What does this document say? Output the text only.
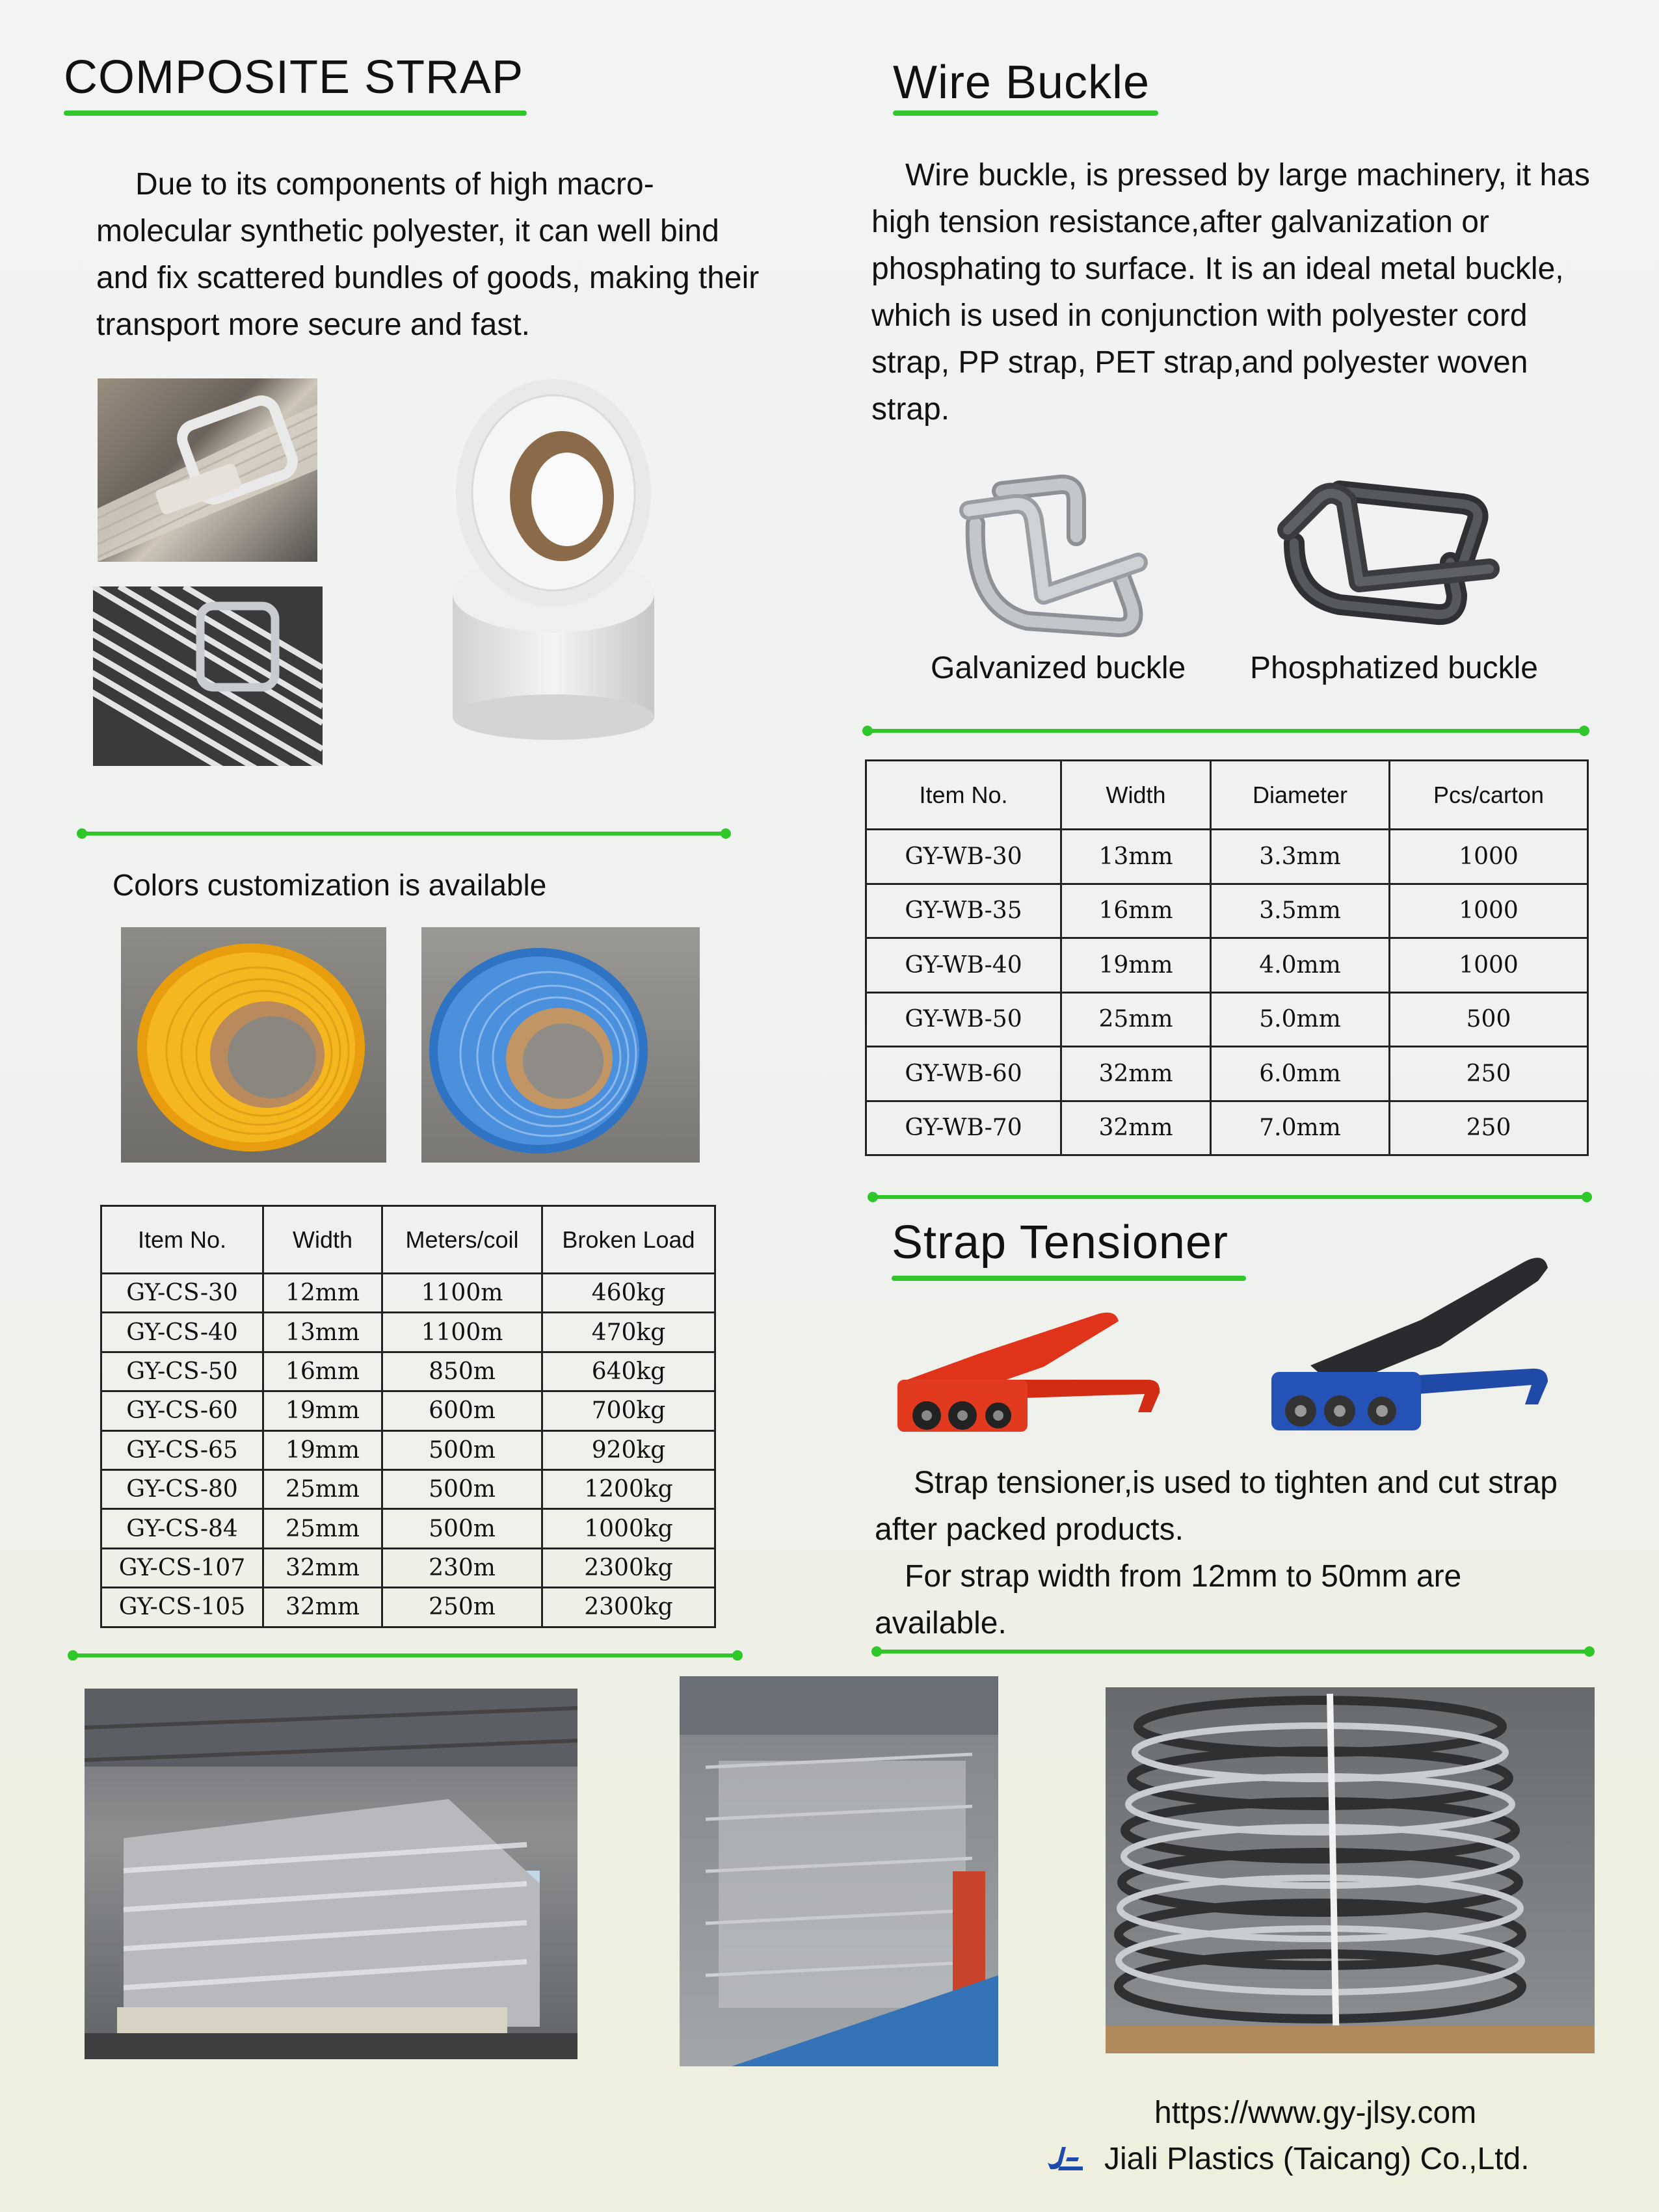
COMPOSITE STRAP
Due to its components of high macro-molecular synthetic polyester, it can well bind and fix scattered bundles of goods, making their transport more secure and fast.
Colors customization is available
Item No.	Width	Meters/coil	Broken Load
GY-CS-30	12mm	1100m	460kg
GY-CS-40	13mm	1100m	470kg
GY-CS-50	16mm	850m	640kg
GY-CS-60	19mm	600m	700kg
GY-CS-65	19mm	500m	920kg
GY-CS-80	25mm	500m	1200kg
GY-CS-84	25mm	500m	1000kg
GY-CS-107	32mm	230m	2300kg
GY-CS-105	32mm	250m	2300kg
Wire Buckle
Wire buckle, is pressed by large machinery, it has high tension resistance,after galvanization or phosphating to surface. It is an ideal metal buckle, which is used in conjunction with polyester cord strap, PP strap, PET strap,and polyester woven strap.
Galvanized buckle Phosphatized buckle
Item No.	Width	Diameter	Pcs/carton
GY-WB-30	13mm	3.3mm	1000
GY-WB-35	16mm	3.5mm	1000
GY-WB-40	19mm	4.0mm	1000
GY-WB-50	25mm	5.0mm	500
GY-WB-60	32mm	6.0mm	250
GY-WB-70	32mm	7.0mm	250
Strap Tensioner
Strap tensioner,is used to tighten and cut strap after packed products.
For strap width from 12mm to 50mm are available.
https://www.gy-jlsy.com
Jiali Plastics (Taicang) Co.,Ltd.
